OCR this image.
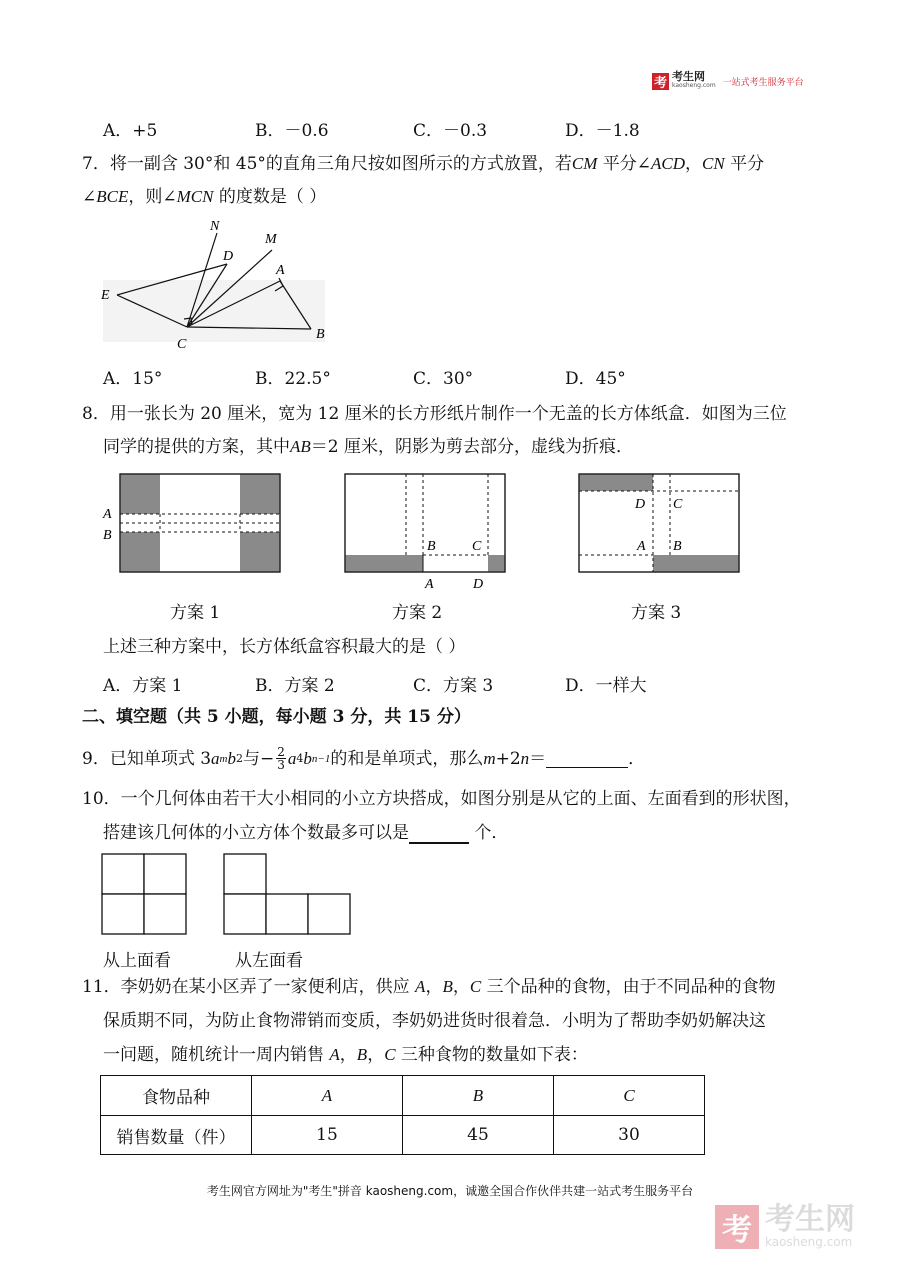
考 考生网
kaosheng.com 一站式考生服务平台
A．+5	B．－0.6	C．－0.3	D．－1.8
7．将一副含 30°和 45°的直角三角尺按如图所示的方式放置，若CM 平分∠ACD，CN 平分
∠BCE，则∠MCN 的度数是（ ）
N
D
M
A
E
C
B
A．15°	B．22.5°	C．30°	D．45°
8．用一张长为 20 厘米，宽为 12 厘米的长方形纸片制作一个无盖的长方体纸盒．如图为三位
同学的提供的方案，其中AB＝2 厘米，阴影为剪去部分，虚线为折痕．
A
B
B	C
A	D
D C
A B
方案 1	方案 2	方案 3
上述三种方案中，长方体纸盒容积最大的是（ ）
A．方案 1	B．方案 2	C．方案 3	D．一样大
二、填空题（共 5 小题，每小题 3 分，共 15 分）
9．已知单项式 3 a m b 2 与− $\frac{2}{3}$ a 4 b n−1 的和是单项式，那么 m +2 n ＝	．
10．一个几何体由若干大小相同的小立方块搭成，如图分别是从它的上面、左面看到的形状图，
搭建该几何体的小立方体个数最多可以是	个．
从上面看	从左面看
11．李奶奶在某小区弄了一家便利店，供应 A，B，C 三个品种的食物，由于不同品种的食物
保质期不同，为防止食物滞销而变质，李奶奶进货时很着急．小明为了帮助李奶奶解决这
一问题，随机统计一周内销售 A，B，C 三种食物的数量如下表：
食物品种	A	B	C
销售数量（件）	15	45	30
考生网官方网址为"考生"拼音 kaosheng.com，诚邀全国合作伙伴共建一站式考生服务平台
考 考生网
kaosheng.com
